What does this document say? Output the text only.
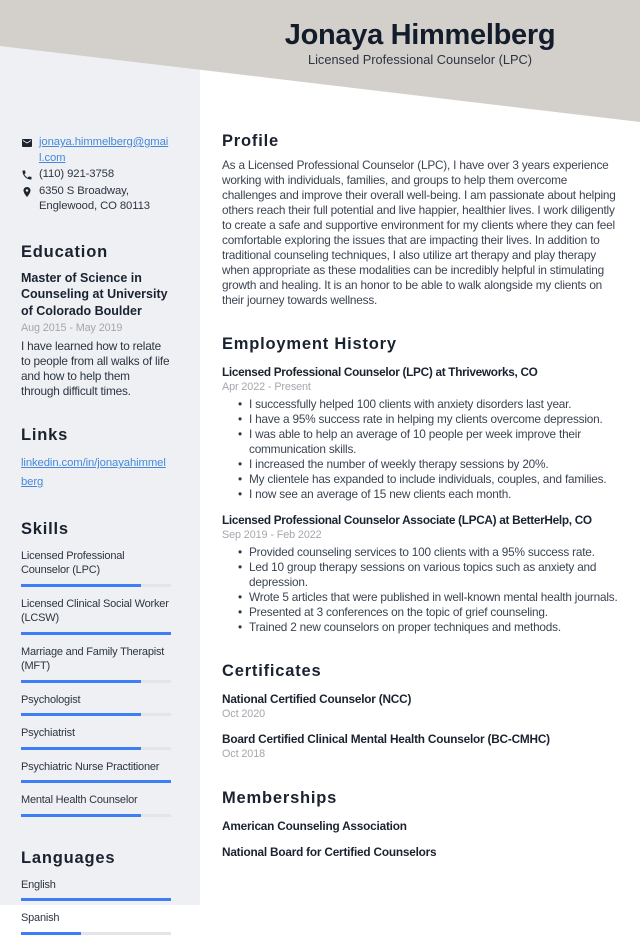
Jonaya Himmelberg
Licensed Professional Counselor (LPC)
jonaya.himmelberg@gmail.com
(110) 921-3758
6350 S Broadway,
Englewood, CO 80113
Education
Master of Science in Counseling at University of Colorado Boulder
Aug 2015 - May 2019
I have learned how to relate to people from all walks of life and how to help them through difficult times.
Links
linkedin.com/in/jonayahimmelberg
Skills
Licensed Professional Counselor (LPC)
Licensed Clinical Social Worker (LCSW)
Marriage and Family Therapist (MFT)
Psychologist
Psychiatrist
Psychiatric Nurse Practitioner
Mental Health Counselor
Languages
English
Spanish
Profile
As a Licensed Professional Counselor (LPC), I have over 3 years experience working with individuals, families, and groups to help them overcome challenges and improve their overall well-being. I am passionate about helping others reach their full potential and live happier, healthier lives. I work diligently to create a safe and supportive environment for my clients where they can feel comfortable exploring the issues that are impacting their lives. In addition to traditional counseling techniques, I also utilize art therapy and play therapy when appropriate as these modalities can be incredibly helpful in stimulating growth and healing. It is an honor to be able to walk alongside my clients on their journey towards wellness.
Employment History
Licensed Professional Counselor (LPC) at Thriveworks, CO
Apr 2022 - Present
• I successfully helped 100 clients with anxiety disorders last year.
• I have a 95% success rate in helping my clients overcome depression.
• I was able to help an average of 10 people per week improve their communication skills.
• I increased the number of weekly therapy sessions by 20%.
• My clientele has expanded to include individuals, couples, and families.
• I now see an average of 15 new clients each month.
Licensed Professional Counselor Associate (LPCA) at BetterHelp, CO
Sep 2019 - Feb 2022
• Provided counseling services to 100 clients with a 95% success rate.
• Led 10 group therapy sessions on various topics such as anxiety and depression.
• Wrote 5 articles that were published in well-known mental health journals.
• Presented at 3 conferences on the topic of grief counseling.
• Trained 2 new counselors on proper techniques and methods.
Certificates
National Certified Counselor (NCC)
Oct 2020
Board Certified Clinical Mental Health Counselor (BC-CMHC)
Oct 2018
Memberships
American Counseling Association
National Board for Certified Counselors
